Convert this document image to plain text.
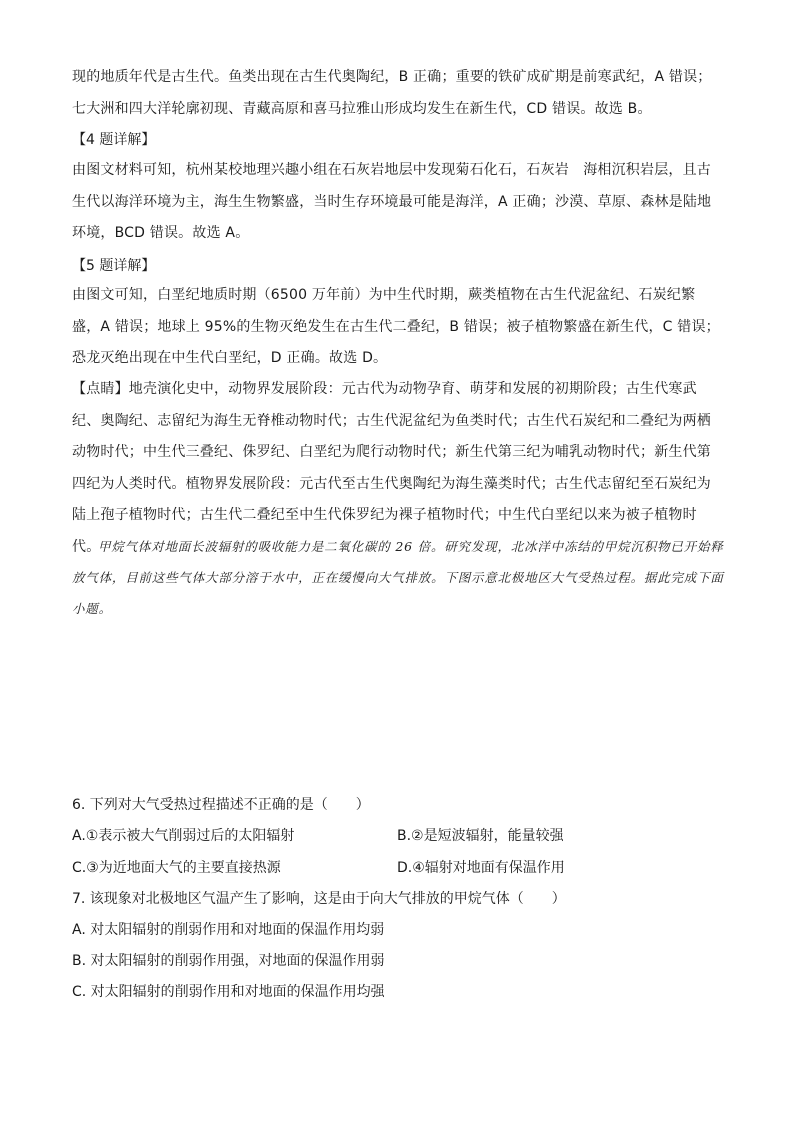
现的地质年代是古生代。鱼类出现在古生代奥陶纪，B 正确；重要的铁矿成矿期是前寒武纪，A 错误；七大洲和四大洋轮廓初现、青藏高原和喜马拉雅山形成均发生在新生代，CD 错误。故选 B。

【4 题详解】

由图文材料可知，杭州某校地理兴趣小组在石灰岩地层中发现菊石化石，石灰岩　海相沉积岩层，且古生代以海洋环境为主，海生生物繁盛，当时生存环境最可能是海洋，A 正确；沙漠、草原、森林是陆地环境，BCD 错误。故选 A。

【5 题详解】

由图文可知，白垩纪地质时期（6500 万年前）为中生代时期，蕨类植物在古生代泥盆纪、石炭纪繁盛，A 错误；地球上 95%的生物灭绝发生在古生代二叠纪，B 错误；被子植物繁盛在新生代，C 错误；恐龙灭绝出现在中生代白垩纪，D 正确。故选 D。

【点睛】地壳演化史中，动物界发展阶段：元古代为动物孕育、萌芽和发展的初期阶段；古生代寒武纪、奥陶纪、志留纪为海生无脊椎动物时代；古生代泥盆纪为鱼类时代；古生代石炭纪和二叠纪为两栖动物时代；中生代三叠纪、侏罗纪、白垩纪为爬行动物时代；新生代第三纪为哺乳动物时代；新生代第四纪为人类时代。植物界发展阶段：元古代至古生代奥陶纪为海生藻类时代；古生代志留纪至石炭纪为陆上孢子植物时代；古生代二叠纪至中生代侏罗纪为裸子植物时代；中生代白垩纪以来为被子植物时代。

甲烷气体对地面长波辐射的吸收能力是二氧化碳的 26 倍。研究发现，北冰洋中冻结的甲烷沉积物已开始释放气体，目前这些气体大部分溶于水中，正在缓慢向大气排放。下图示意北极地区大气受热过程。据此完成下面小题。

6. 下列对大气受热过程描述不正确的是（　　）

A.①表示被大气削弱过后的太阳辐射	B.②是短波辐射，能量较强

C.③为近地面大气的主要直接热源	D.④辐射对地面有保温作用

7. 该现象对北极地区气温产生了影响，这是由于向大气排放的甲烷气体（　　）

A. 对太阳辐射的削弱作用和对地面的保温作用均弱

B. 对太阳辐射的削弱作用强，对地面的保温作用弱

C. 对太阳辐射的削弱作用和对地面的保温作用均强
